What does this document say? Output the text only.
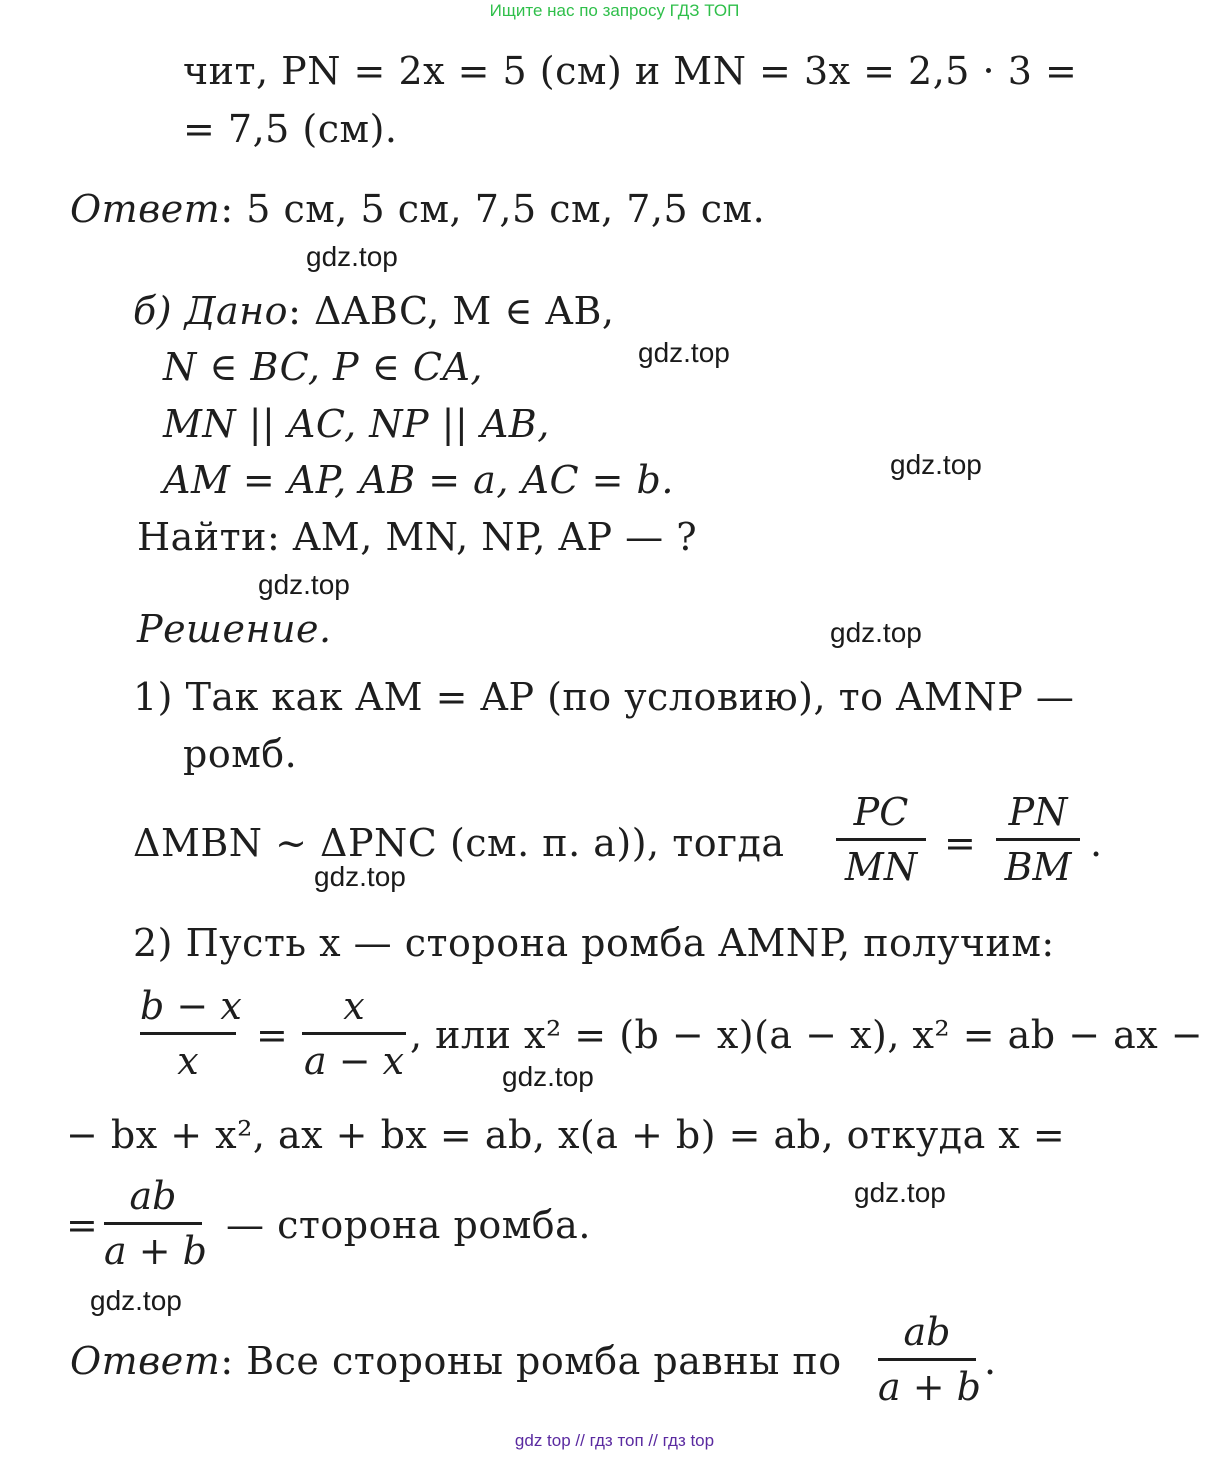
Ищите нас по запросу ГДЗ ТОП
чит, PN = 2x = 5 (см) и MN = 3x = 2,5 · 3 =
= 7,5 (см).
Ответ: 5 см, 5 см, 7,5 см, 7,5 см.
б) Дано: ΔABC, M ∈ AB,
N ∈ BC, P ∈ CA,
MN || AC, NP || AB,
AM = AP, AB = a, AC = b.
Найти: AM, MN, NP, AP — ?
Решение.
1) Так как AM = AP (по условию), то AMNP —
ромб.
ΔMBN ~ ΔPNC (см. п. a)), тогда
PC
MN
=
PN
BM
.
2) Пусть x — сторона ромба AMNP, получим:
b − x
x
=
x
a − x
, или x² = (b − x)(a − x), x² = ab − ax −
− bx + x², ax + bx = ab, x(a + b) = ab, откуда x =
=
ab
a + b
— сторона ромба.
Ответ: Все стороны ромба равны по
ab
a + b
.
gdz.top
gdz.top
gdz.top
gdz.top
gdz.top
gdz.top
gdz.top
gdz.top
gdz.top
gdz top // гдз топ // гдз top
